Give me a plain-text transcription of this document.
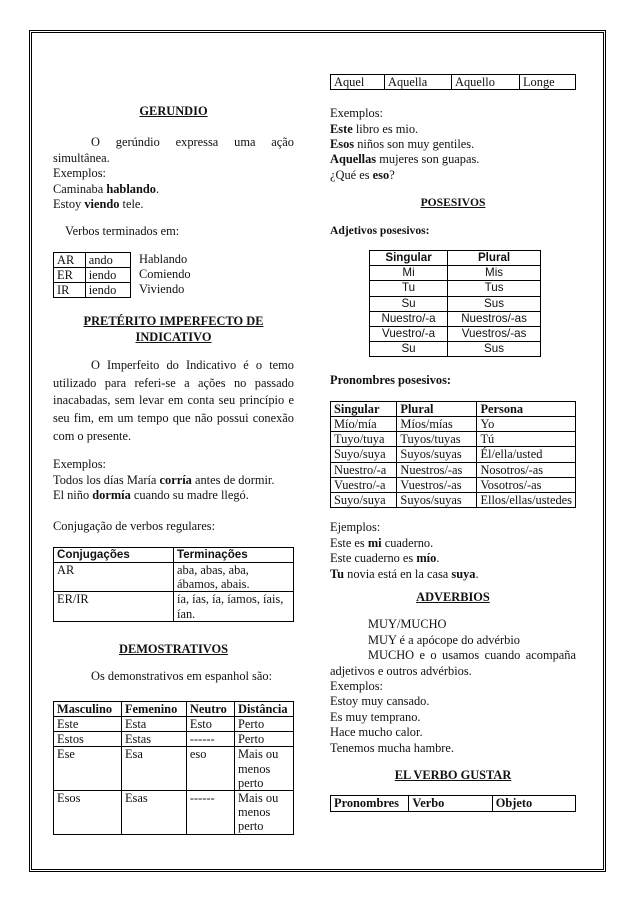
GERUNDIO

O gerúndio expressa uma ação simultânea.

Exemplos:

Caminaba hablando.

Estoy viendo tele.

Verbos terminados em:

AR	ando
ER	iendo
IR	iendo

Hablando

Comiendo

Viviendo

PRETÉRITO IMPERFECTO DE

INDICATIVO

O Imperfeito do Indicativo é o temo utilizado para referi-se a ações no passado inacabadas, sem levar em conta seu princípio e seu fim, em um tempo que não possui conexão com o presente.

Exemplos:

Todos los días María corría antes de dormir.

El niño dormía cuando su madre llegó.

Conjugação de verbos regulares:

Conjugações	Terminações
AR	aba, abas, aba, ábamos, abais.
ER/IR	ía, ías, ía, íamos, íais, ían.

DEMOSTRATIVOS

Os demonstrativos em espanhol são:

Masculino	Femenino	Neutro	Distância
Este	Esta	Esto	Perto
Estos	Estas	------	Perto
Ese	Esa	eso	Mais ou menos perto
Esos	Esas	------	Mais ou menos perto
Aquel	Aquella	Aquello	Longe

Exemplos:

Este libro es mio.

Esos niños son muy gentiles.

Aquellas mujeres son guapas.

¿Qué es eso?

POSESIVOS

Adjetivos posesivos:

Singular	Plural
Mi	Mis
Tu	Tus
Su	Sus
Nuestro/-a	Nuestros/-as
Vuestro/-a	Vuestros/-as
Su	Sus

Pronombres posesivos:

Singular	Plural	Persona
Mío/mía	Míos/mías	Yo
Tuyo/tuya	Tuyos/tuyas	Tú
Suyo/suya	Suyos/suyas	Él/ella/usted
Nuestro/-a	Nuestros/-as	Nosotros/-as
Vuestro/-a	Vuestros/-as	Vosotros/-as
Suyo/suya	Suyos/suyas	Ellos/ellas/ustedes

Ejemplos:

Este es mi cuaderno.

Este cuaderno es mío.

Tu novia está en la casa suya.

ADVERBIOS

MUY/MUCHO

MUY é a apócope do advérbio

MUCHO e o usamos cuando acompaña adjetivos e outros advérbios.

Exemplos:

Estoy muy cansado.

Es muy temprano.

Hace mucho calor.

Tenemos mucha hambre.

EL VERBO GUSTAR

Pronombres	Verbo	Objeto
